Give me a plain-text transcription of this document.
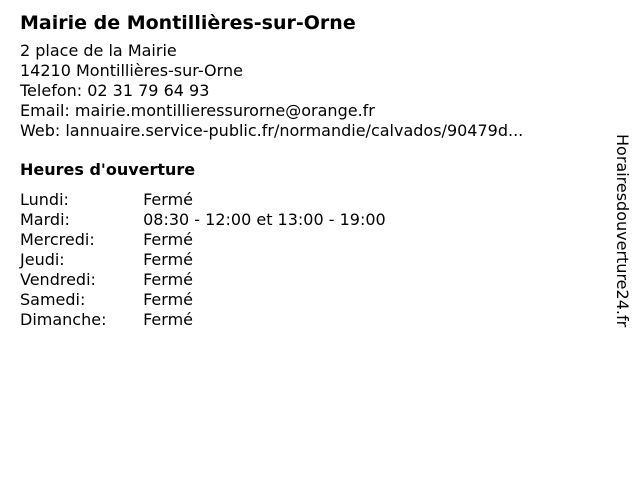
Mairie de Montillières-sur-Orne
2 place de la Mairie
14210 Montillières-sur-Orne
Telefon: 02 31 79 64 93
Email: mairie.montillieressurorne@orange.fr
Web: lannuaire.service-public.fr/normandie/calvados/90479d...
Heures d'ouverture
Lundi:	Fermé
Mardi:	08:30 - 12:00 et 13:00 - 19:00
Mercredi:	Fermé
Jeudi:	Fermé
Vendredi:	Fermé
Samedi:	Fermé
Dimanche: Fermé	Horairesdouverture24.fr
